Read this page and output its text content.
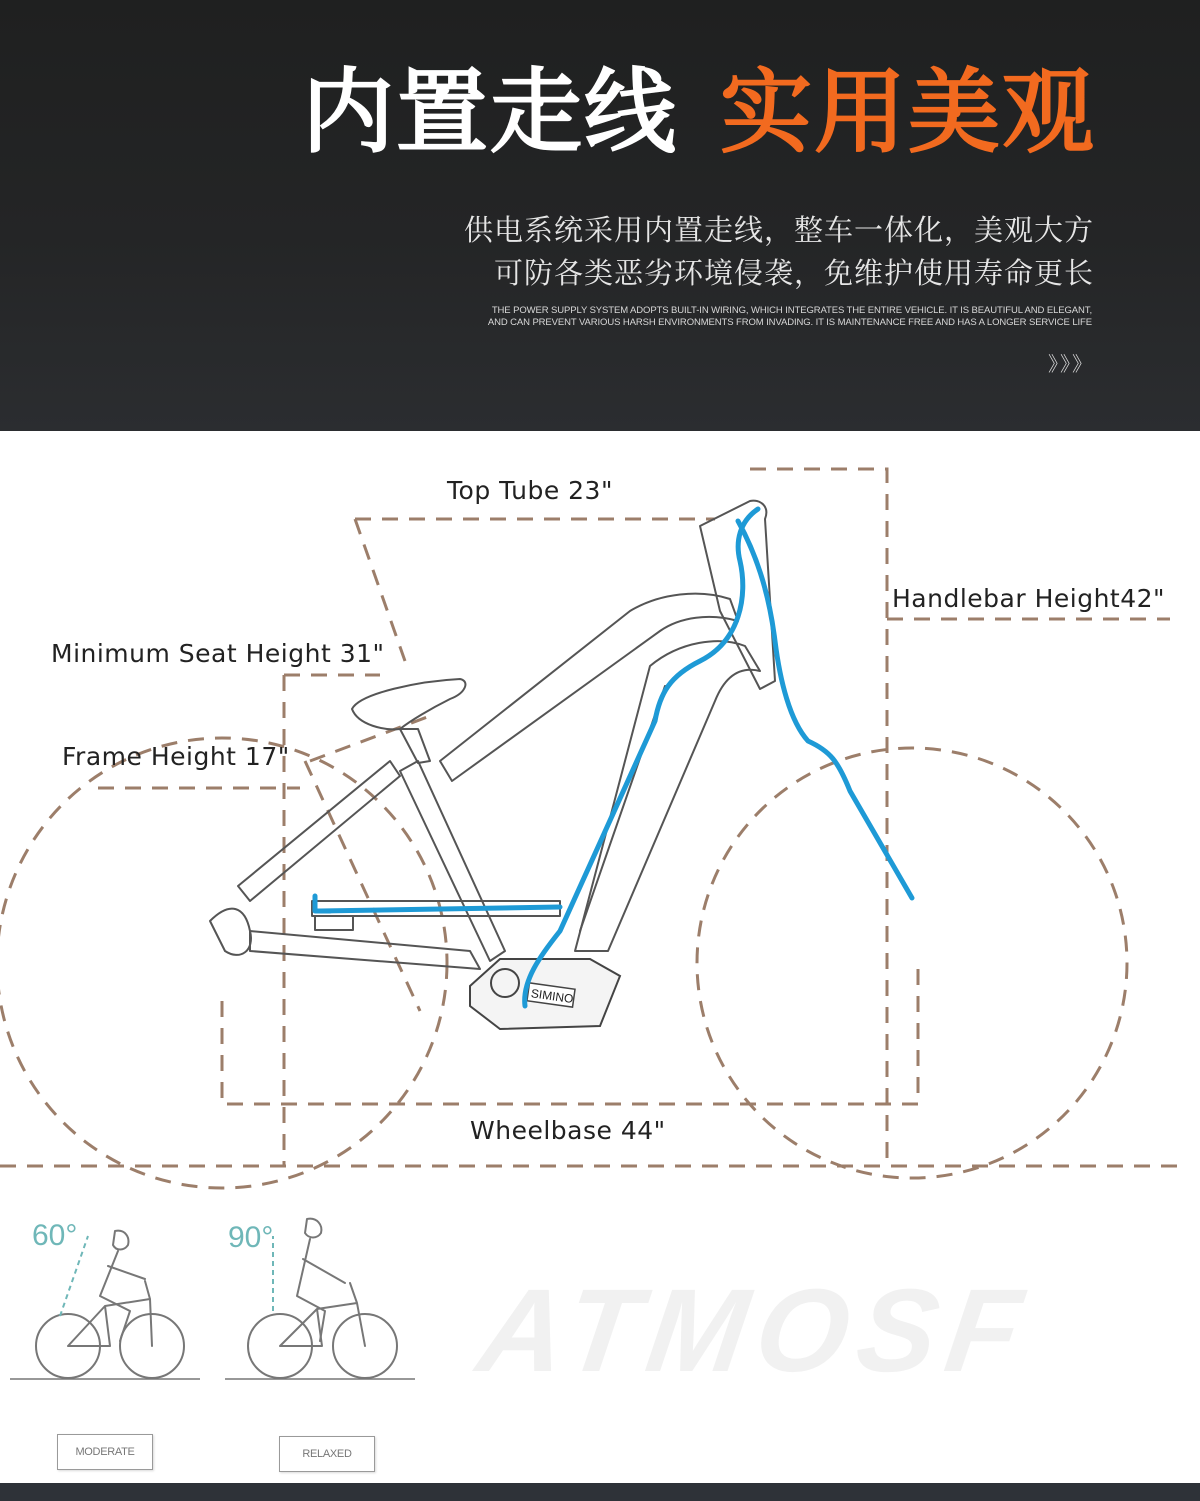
内置走线 实用美观
供电系统采用内置走线，整车一体化，美观大方
可防各类恶劣环境侵袭，免维护使用寿命更长
THE POWER SUPPLY SYSTEM ADOPTS BUILT-IN WIRING, WHICH INTEGRATES THE ENTIRE VEHICLE. IT IS BEAUTIFUL AND ELEGANT,
AND CAN PREVENT VARIOUS HARSH ENVIRONMENTS FROM INVADING. IT IS MAINTENANCE FREE AND HAS A LONGER SERVICE LIFE
》》》
SIMINO
Top Tube 23"
Handlebar Height42"
Minimum Seat Height 31"
Frame Height 17"
Wheelbase 44"
ATMOSF
60°	90°
MODERATE	RELAXED
